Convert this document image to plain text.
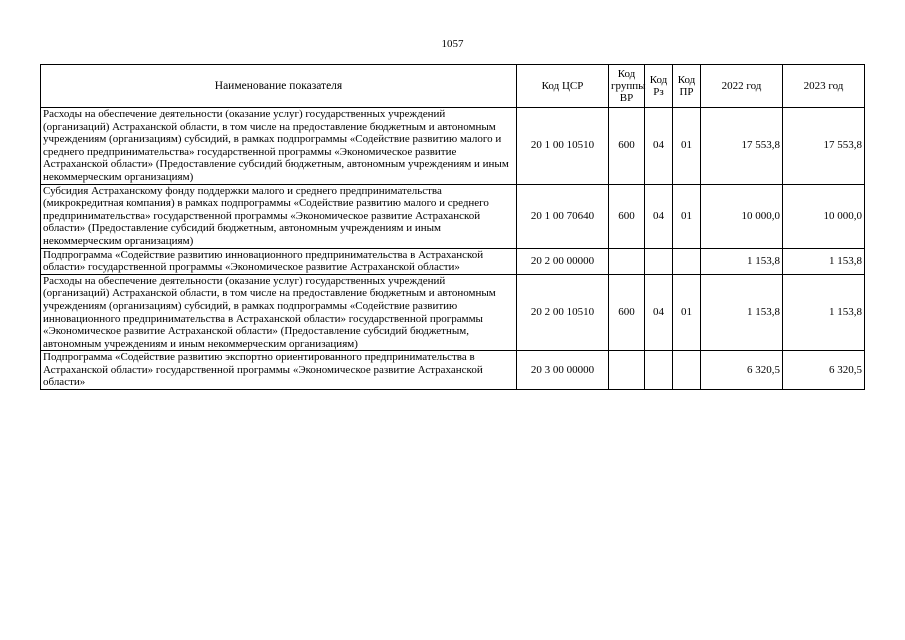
1057
Наименование показателя	Код ЦСР	Код группы ВР	Код Рз	Код ПР	2022 год	2023 год
Расходы на обеспечение деятельности (оказание услуг) государственных учреждений (организаций) Астраханской области, в том числе на предоставление бюджетным и автономным учреждениям (организациям) субсидий, в рамках подпрограммы «Содействие развитию малого и среднего предпринимательства» государственной программы «Экономическое развитие Астраханской области» (Предоставление субсидий бюджетным, автономным учреждениям и иным некоммерческим организациям)	20 1 00 10510	600	04	01	17 553,8	17 553,8
Субсидия Астраханскому фонду поддержки малого и среднего предпринимательства (микрокредитная компания) в рамках подпрограммы «Содействие развитию малого и среднего предпринимательства» государственной программы «Экономическое развитие Астраханской области» (Предоставление субсидий бюджетным, автономным учреждениям и иным некоммерческим организациям)	20 1 00 70640	600	04	01	10 000,0	10 000,0
Подпрограмма «Содействие развитию инновационного предпринимательства в Астраханской области» государственной программы «Экономическое развитие Астраханской области»	20 2 00 00000				1 153,8	1 153,8
Расходы на обеспечение деятельности (оказание услуг) государственных учреждений (организаций) Астраханской области, в том числе на предоставление бюджетным и автономным учреждениям (организациям) субсидий, в рамках подпрограммы «Содействие развитию инновационного предпринимательства в Астраханской области» государственной программы «Экономическое развитие Астраханской области» (Предоставление субсидий бюджетным, автономным учреждениям и иным некоммерческим организациям)	20 2 00 10510	600	04	01	1 153,8	1 153,8
Подпрограмма «Содействие развитию экспортно ориентированного предпринимательства в Астраханской области» государственной программы «Экономическое развитие Астраханской области»	20 3 00 00000				6 320,5	6 320,5
